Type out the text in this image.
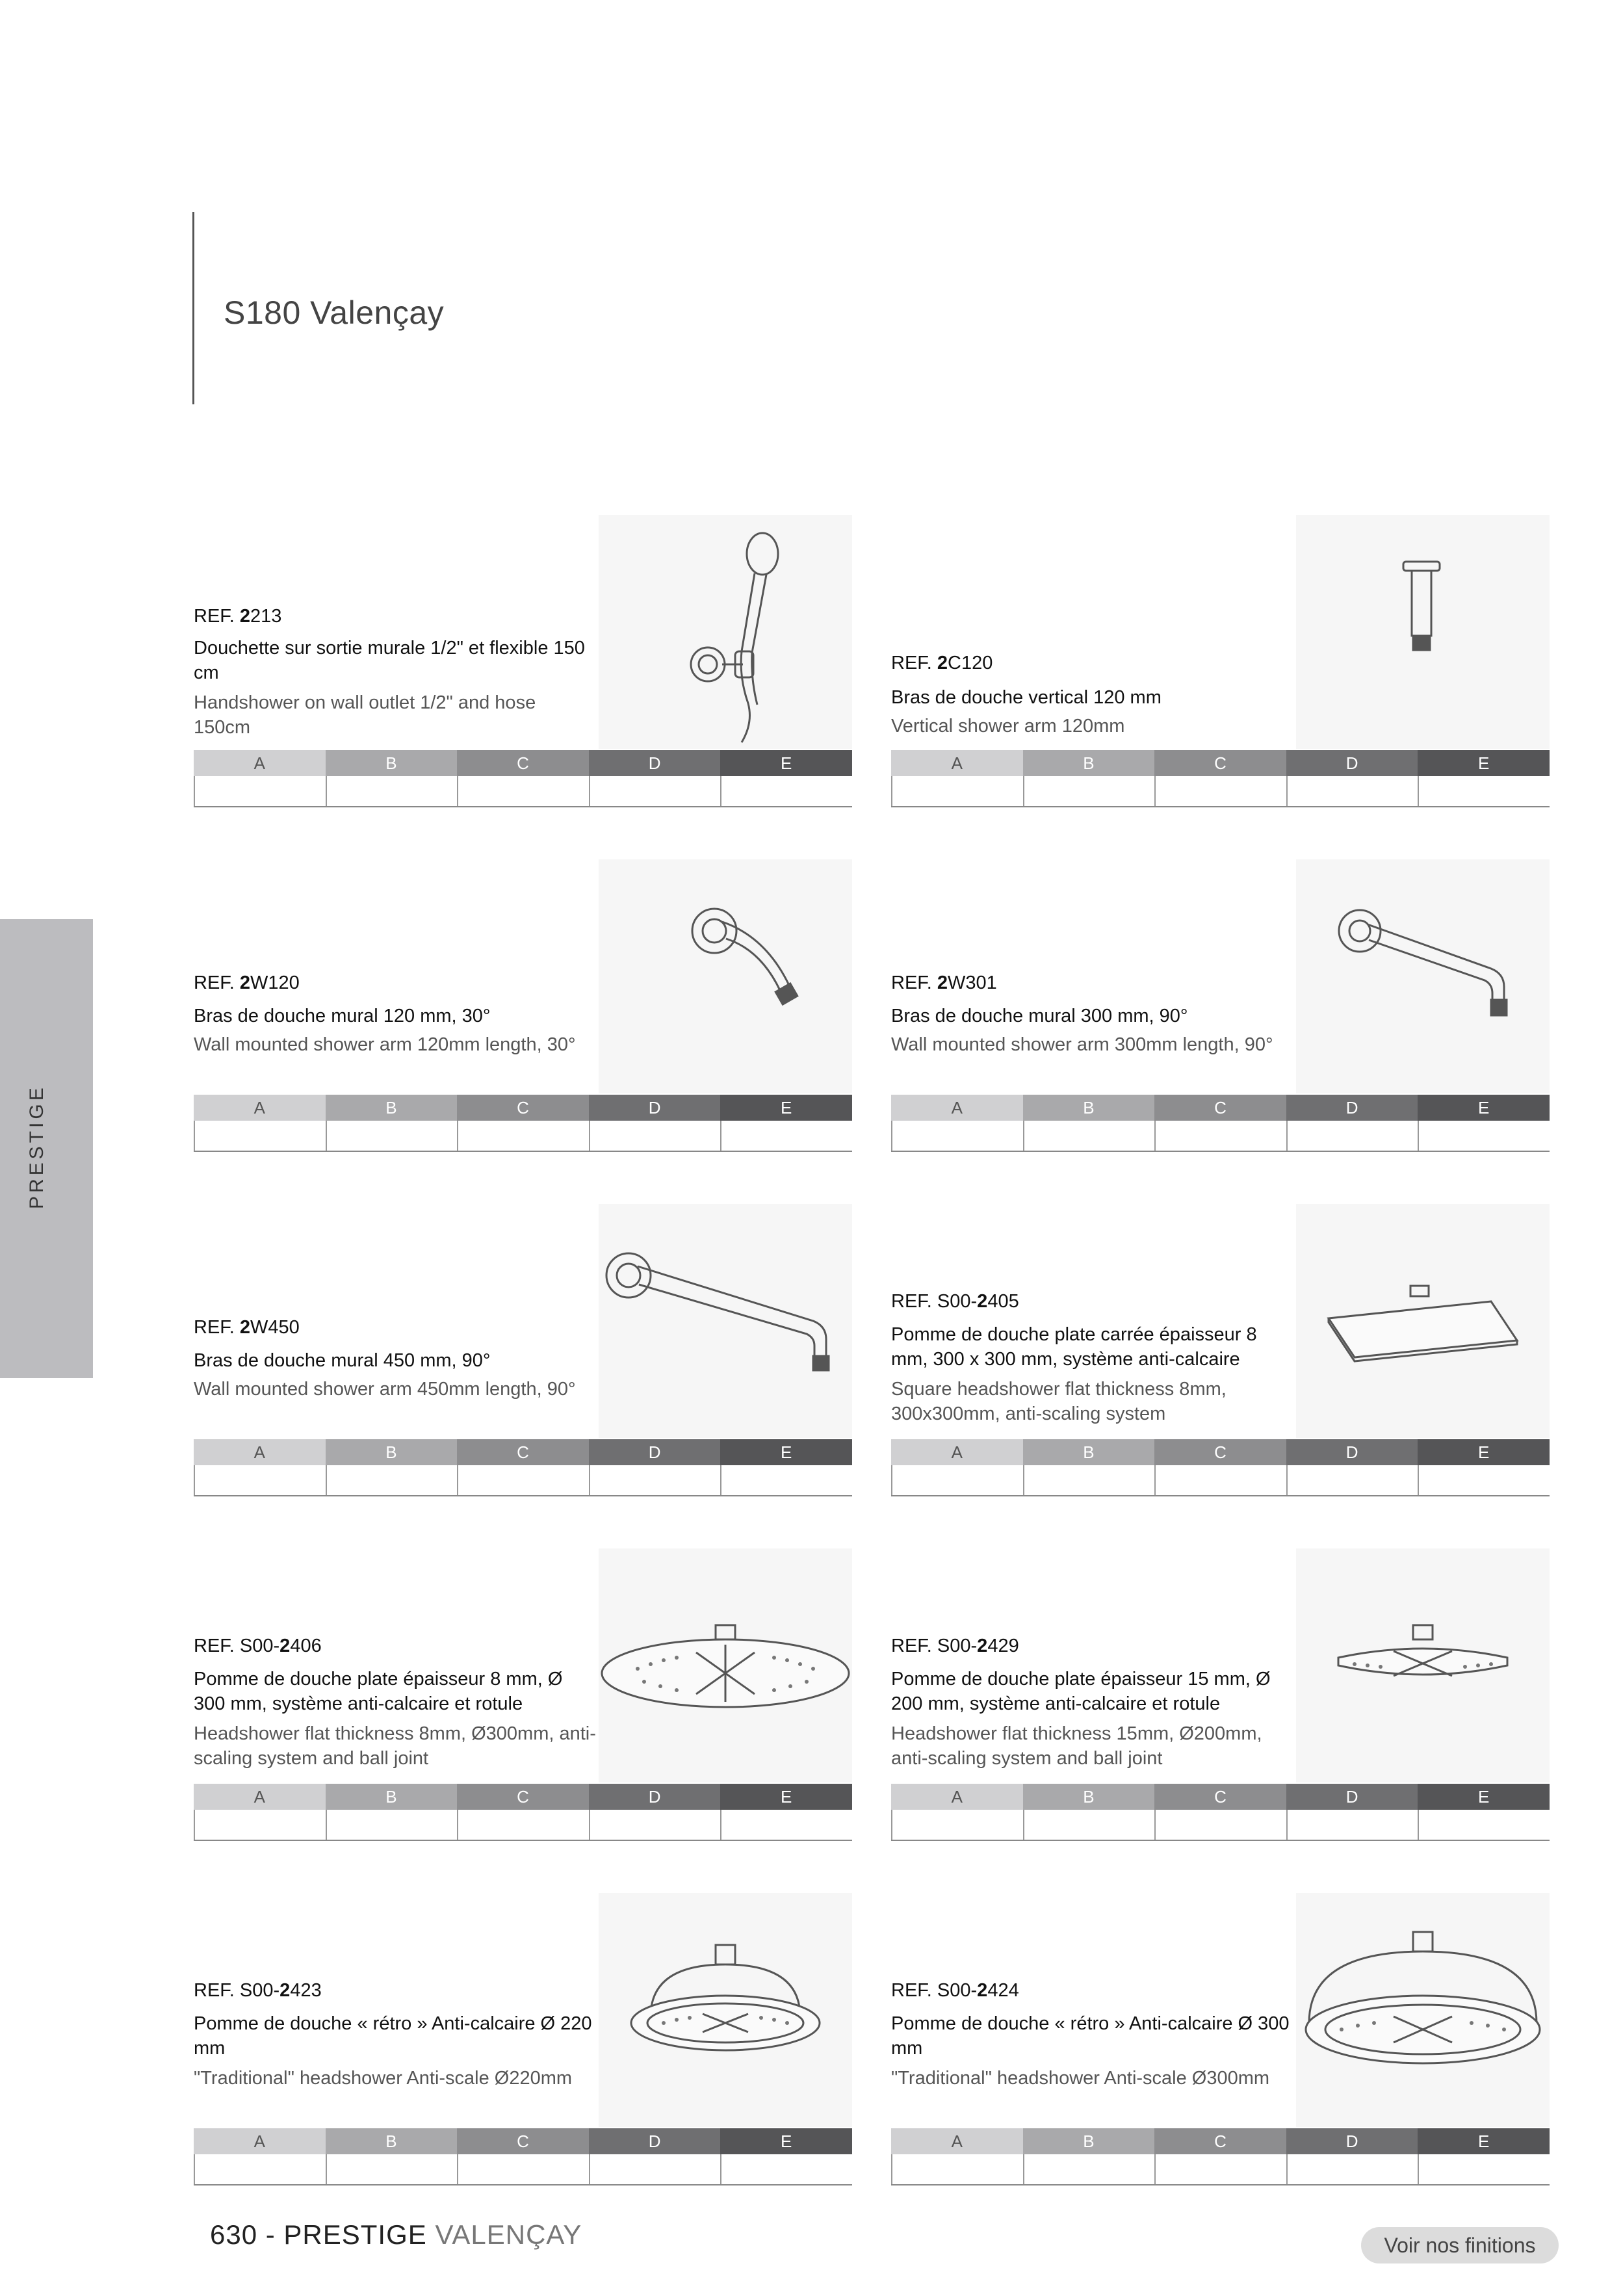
S180 Valençay
PRESTIGE
REF. 2213
Douchette sur sortie murale 1/2" et flexible 150 cm
Handshower on wall outlet 1/2" and hose 150cm
A	B	C	D	E
REF. 2C120
Bras de douche vertical 120 mm
Vertical shower arm 120mm
A	B	C	D	E
REF. 2W120
Bras de douche mural 120 mm, 30°
Wall mounted shower arm 120mm length, 30°
A	B	C	D	E
REF. 2W301
Bras de douche mural 300 mm, 90°
Wall mounted shower arm 300mm length, 90°
A	B	C	D	E
REF. 2W450
Bras de douche mural 450 mm, 90°
Wall mounted shower arm 450mm length, 90°
A	B	C	D	E
REF. S00-2405
Pomme de douche plate carrée épaisseur 8 mm, 300 x 300 mm, système anti-calcaire
Square headshower flat thickness 8mm, 300x300mm, anti-scaling system
A	B	C	D	E
REF. S00-2406
Pomme de douche plate épaisseur 8 mm, Ø 300 mm, système anti-calcaire et rotule
Headshower flat thickness 8mm, Ø300mm, anti-scaling system and ball joint
A	B	C	D	E
REF. S00-2429
Pomme de douche plate épaisseur 15 mm, Ø 200 mm, système anti-calcaire et rotule
Headshower flat thickness 15mm, Ø200mm, anti-scaling system and ball joint
A	B	C	D	E
REF. S00-2423
Pomme de douche « rétro » Anti-calcaire Ø 220 mm
"Traditional" headshower Anti-scale Ø220mm
A	B	C	D	E
REF. S00-2424
Pomme de douche « rétro » Anti-calcaire Ø 300 mm
"Traditional" headshower Anti-scale Ø300mm
A	B	C	D	E
630 - PRESTIGE VALENÇAY	Voir nos finitions
